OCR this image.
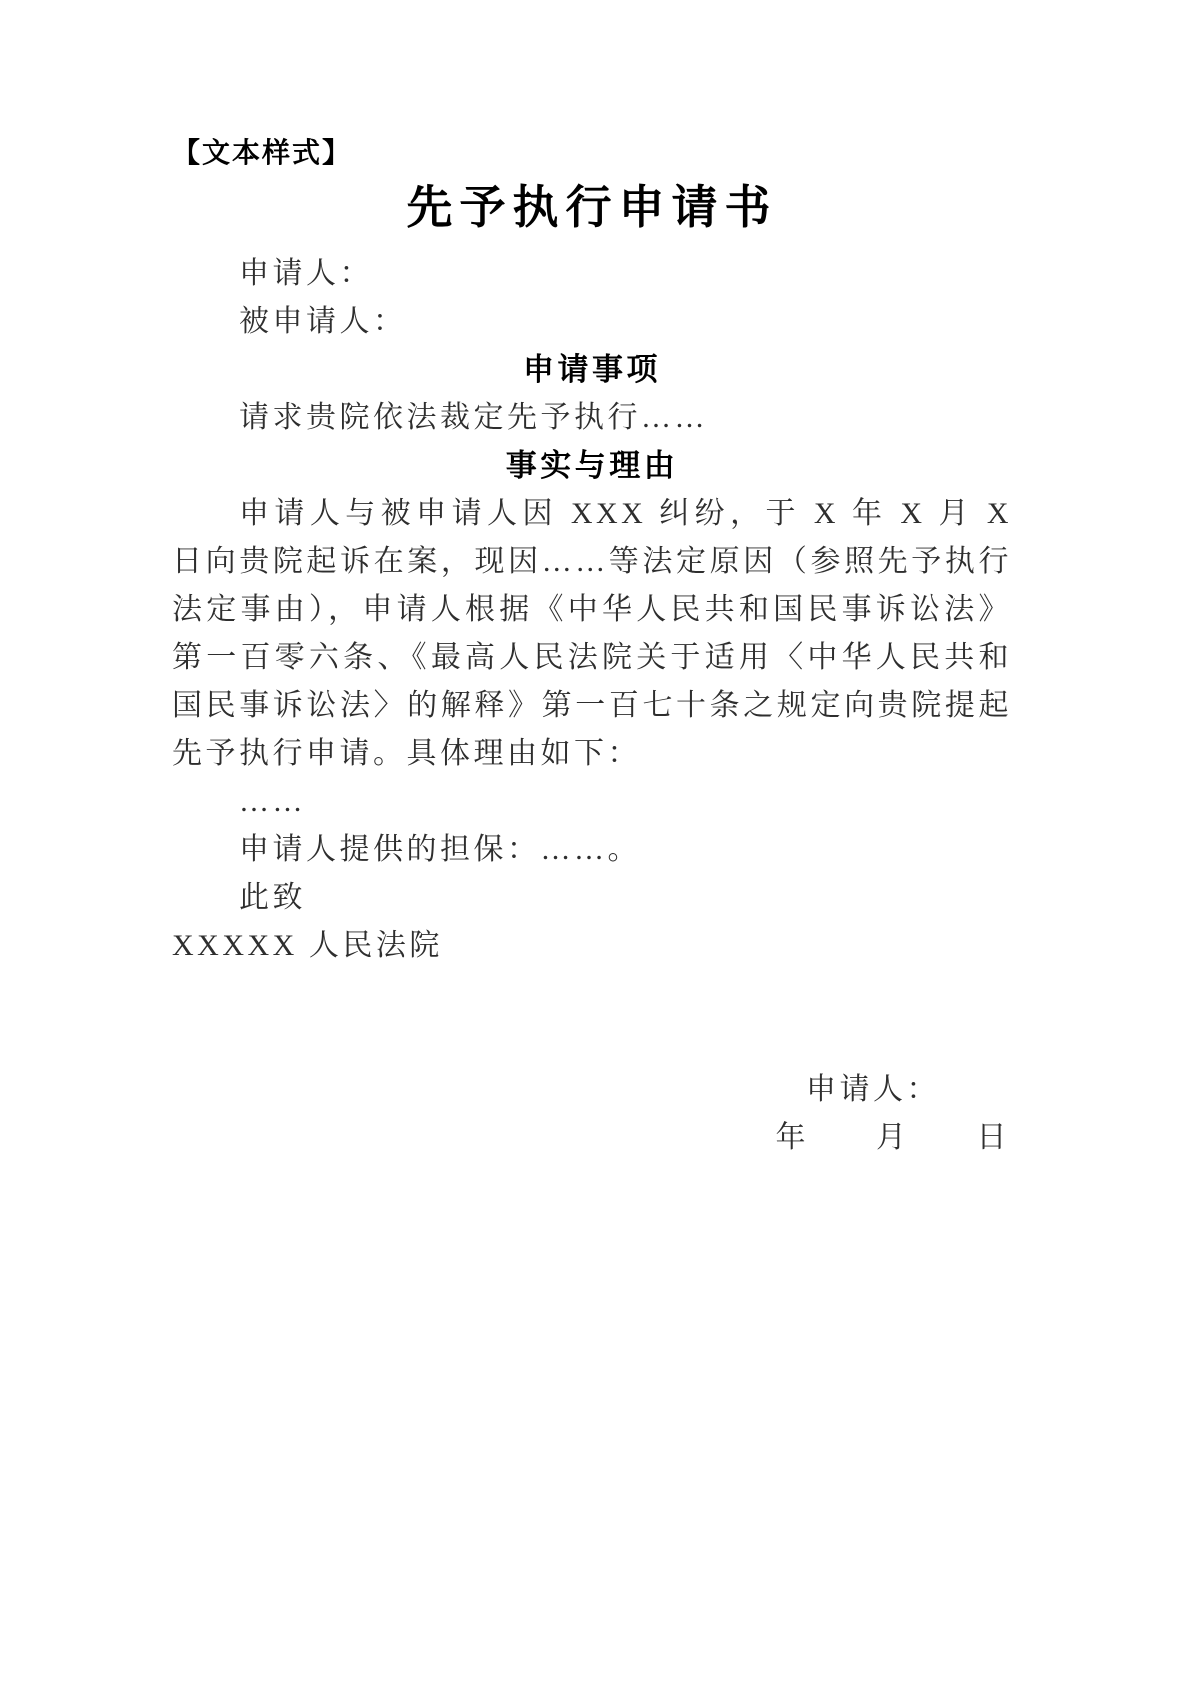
【文本样式】
先予执行申请书
申请人：
被申请人：
申请事项
请求贵院依法裁定先予执行……
事实与理由

申请人与被申请人因 XXX 纠纷，于 X 年 X 月 X 日向贵院起诉在案，现因……等法定原因（参照先予执行法定事由），申请人根据《中华人民共和国民事诉讼法》第一百零六条、《最高人民法院关于适用〈中华人民共和国民事诉讼法〉的解释》第一百七十条之规定向贵院提起先予执行申请。具体理由如下：

……
申请人提供的担保：……。
此致
XXXXX 人民法院
申请人：
年　　月　　日
